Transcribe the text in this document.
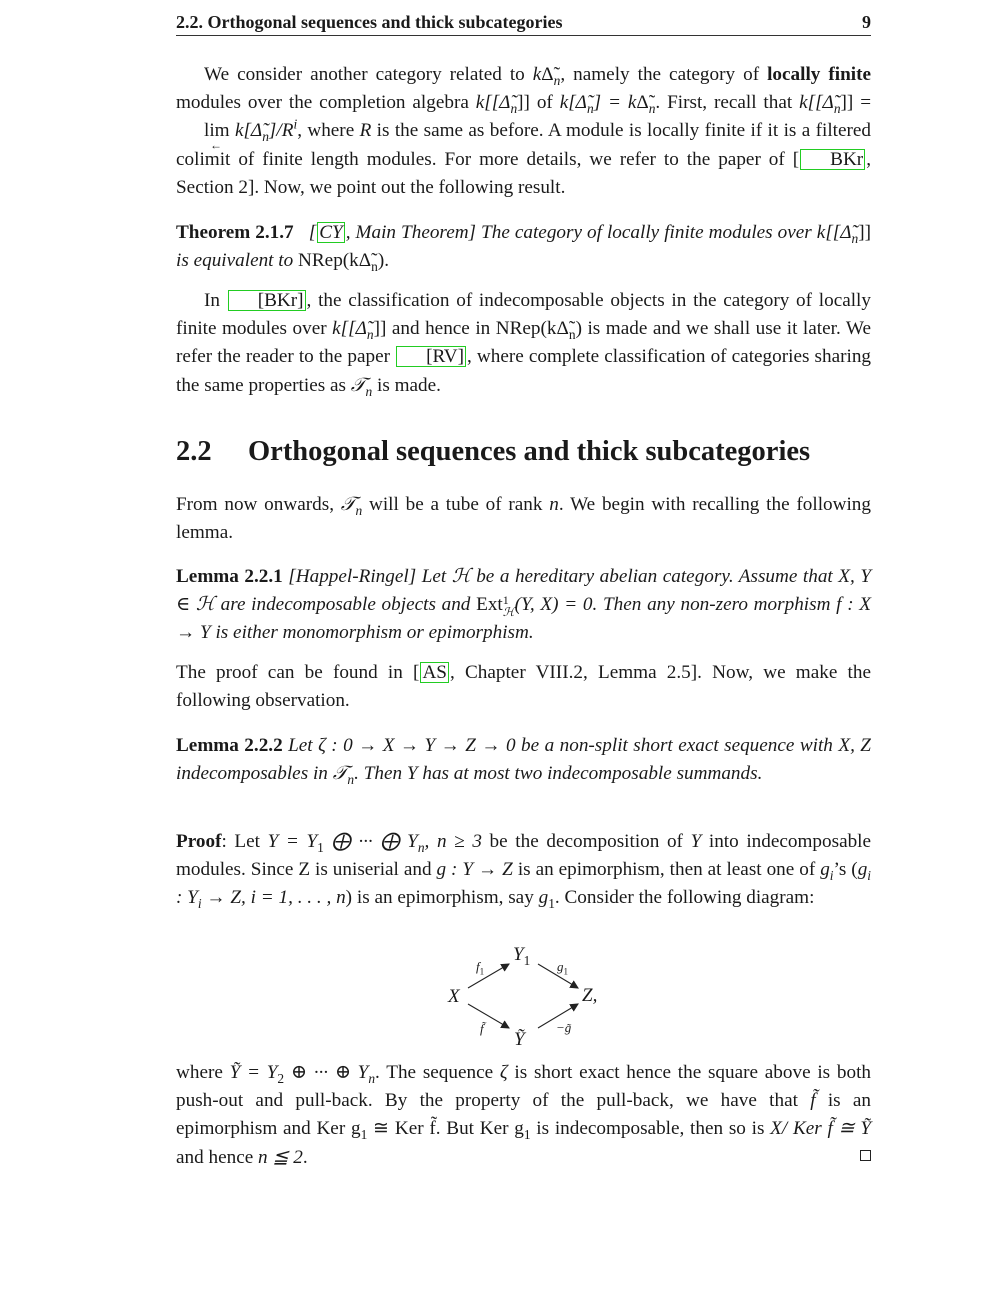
2.2. Orthogonal sequences and thick subcategories	9
We consider another category related to $k\Deltã_n$, namely the category of locally finite modules over the completion algebra $k[[\Deltã_n]]$ of $k[\Deltã_n]$ = $k\Deltã_n$. First, recall that $k[[\Deltã_n]] = \lim$
←
$k[\Deltã_n]/R^i$, where R is the same as before. A module is locally finite if it is a filtered colimit of finite length modules. For more details, we refer to the paper of [ BKr , Section 2]. Now, we point out the following result.
Theorem 2.1.7 [ CY , Main Theorem] The category of locally finite modules over $k[[\Deltã_n]]$ is equivalent to $NRep(k\Deltã_n)$.
In [BKr] , the classification of indecomposable objects in the category of locally finite modules over $k[[\Deltã_n]]$ and hence in $NRep(k\Deltã_n)$ is made and we shall use it later. We refer the reader to the paper [RV] , where complete classification of categories sharing the same properties as 𝒯$_n$ is made.
2.2 Orthogonal sequences and thick subcategories
From now onwards, 𝒯$_n$ will be a tube of rank n. We begin with recalling the following lemma.
Lemma 2.2.1 [Happel-Ringel] Let ℋ be a hereditary abelian category. Assume that X, Y ∈ ℋ are indecomposable objects and Ext 1
ℋ (Y, X) = 0. Then any non-zero morphism f : X → Y is either monomorphism or epimorphism.
The proof can be found in [ AS , Chapter VIII.2, Lemma 2.5]. Now, we make the following observation.
Lemma 2.2.2 Let ζ : 0 → X → Y → Z → 0 be a non-split short exact sequence with X, Z indecomposables in 𝒯$_n$. Then Y has at most two indecomposable summands.
Proof: Let $Y = Y_1$ ⨁ ··· ⨁ $Y_n$, n ≥ 3 be the decomposition of Y into indecomposable modules. Since Z is uniserial and g : Y → Z is an epimorphism, then at least one of $g_i’s$ ($g_i$ : $Y_i \to Z$, i = 1, . . . , n) is an epimorphism, say $g_1$. Consider the following diagram:
$Y_1$
X	Z,
Ỹ
$f_1$	$g_1$
f̃	−g̃
where Ỹ = $Y_2$ ⊕ ··· ⊕ $Y_n$. The sequence ζ is short exact hence the square above is both push-out and pull-back. By the property of the pull-back, we have that f̃ is an epimorphism and Ker $g_1$ ≅ Ker f̃. But Ker $g_1$ is indecomposable, then so is X/ Ker f̃ ≅ Ỹ and hence n ≦ 2.
